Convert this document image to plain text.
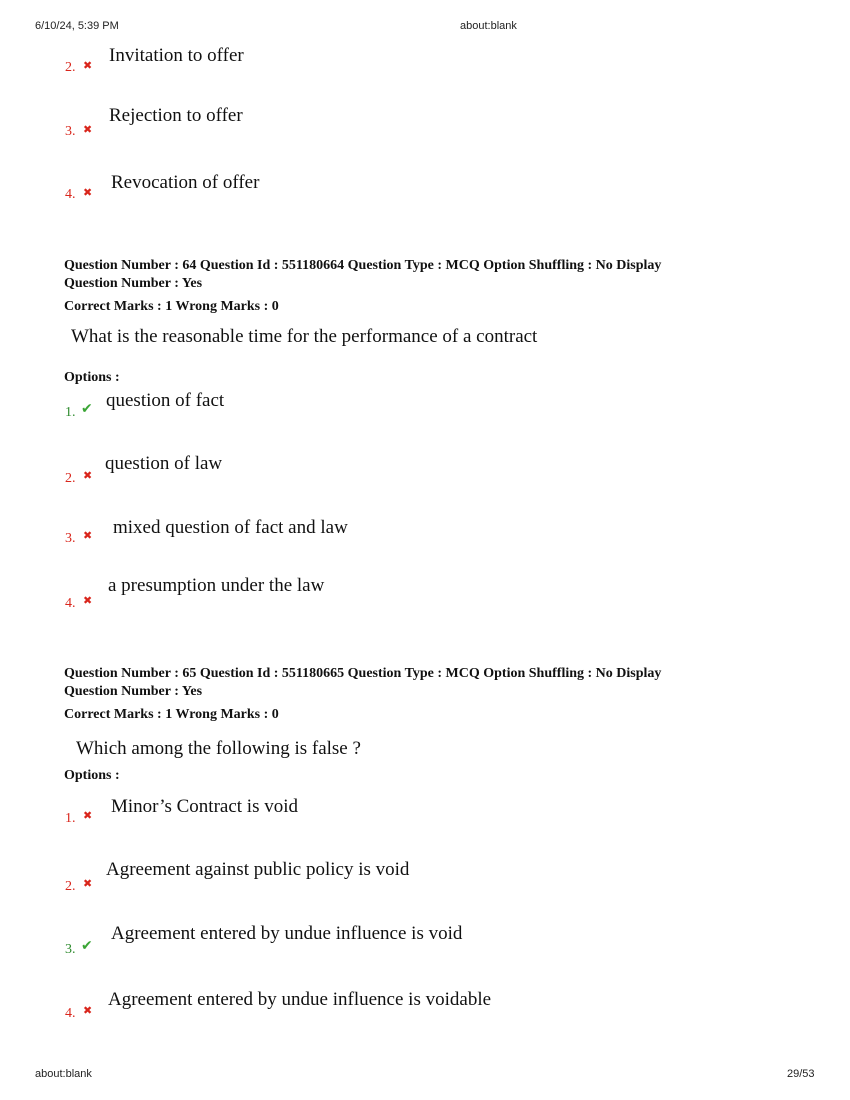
6/10/24, 5:39 PM	about:blank
2. ✖ Invitation to offer
3. ✖
Rejection to offer
4. ✖ Revocation of offer
Question Number : 64 Question Id : 551180664 Question Type : MCQ Option Shuffling : No Display
Question Number : Yes
Correct Marks : 1 Wrong Marks : 0
What is the reasonable time for the performance of a contract
Options :
1. ✔ question of fact
2. ✖
question of law
3. ✖ mixed question of fact and law
4. ✖
a presumption under the law
Question Number : 65 Question Id : 551180665 Question Type : MCQ Option Shuffling : No Display
Question Number : Yes
Correct Marks : 1 Wrong Marks : 0
Which among the following is false ?
Options :
1. ✖ Minor’s Contract is void
2. ✖
Agreement against public policy is void
3. ✔
Agreement entered by undue influence is void
4. ✖
Agreement entered by undue influence is voidable
about:blank	29/53
